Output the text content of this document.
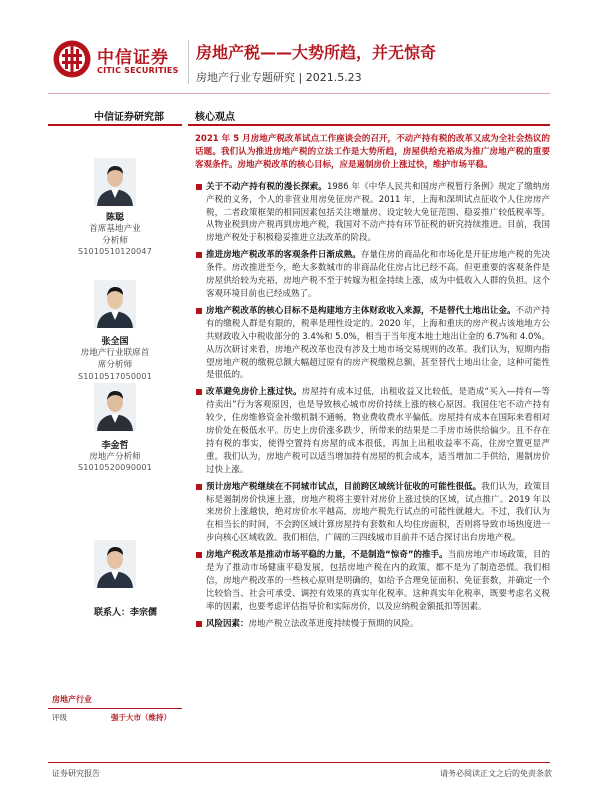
中信证券
CITIC SECURITIES
房地产税——大势所趋，并无惊奇
房地产行业专题研究 | 2021.5.23
中信证券研究部	核心观点
陈聪
首席基地产业
分析师
S1010510120047
张全国
房地产行业联席首
席分析师
S1010517050001
李金哲
房地产分析师
S1010520090001
联系人：李宗儒
房地产行业
评级	强于大市（维持）

2021 年 5 月房地产税改革试点工作座谈会的召开，不动产持有税的改革又成为全社会热议的话题。我们认为推进房地产税的立法工作是大势所趋，房屋供给充裕成为推广房地产税的重要客观条件。房地产税改革的核心目标，应是遏制房价上涨过快，维护市场平稳。

关于不动产持有税的漫长探索。1986 年《中华人民共和国房产税暂行条例》规定了缴纳房产税的义务，个人的非营业用房免征房产税。2011 年，上海和深圳试点征收个人住房房产税，二者政策框架的相同因素包括关注增量房、设定较大免征范围、稳妥推广较低税率等。从物业税到房产税再到房地产税，我国对不动产持有环节征税的研究持续推进。目前，我国房地产税处于积极稳妥推进立法改革的阶段。

推进房地产税改革的客观条件日渐成熟。存量住房的商品化和市场化是开征房地产税的先决条件。房改推进至今，绝大多数城市的非商品化住房占比已经不高。但更重要的客观条件是房屋供给较为充裕，房地产税不至于转嫁为租金持续上涨，成为中低收入人群的负担。这个客观环境目前也已经成熟了。

房地产税改革的核心目标不是构建地方主体财政收入来源，不是替代土地出让金。不动产持有的缴税人群是有限的，税率是理性设定的。2020 年，上海和重庆的房产税占该地地方公共财政收入中税收部分的 3.4%和 5.0%，相当于当年度本地土地出让金的 6.7%和 4.0%。从历次研讨来看，房地产税改革也没有涉及土地市场交易规则的改革。我们认为，短期内指望房地产税的缴税总额大幅超过原有的房产税缴税总额，甚至替代土地出让金，这种可能性是很低的。

改革避免房价上涨过快。房屋持有成本过低，出租收益又比较低，是造成“买入—持有—等待卖出”行为客观原因，也是导致核心城市房价持续上涨的核心原因。我国住宅不动产持有较少，住房维修资金补缴机制不通畅，物业费收费水平偏低。房屋持有成本在国际来看相对房价处在极低水平。历史上房价涨多跌少，所带来的结果是二手房市场供给偏少。且不存在持有税的事实，使得空置持有房屋的成本很低，再加上出租收益率不高，住房空置更显严重。我们认为，房地产税可以适当增加持有房屋的机会成本，适当增加二手供给，遏制房价过快上涨。

预计房地产税继续在不同城市试点，目前跨区域统计征收的可能性很低。我们认为，政策目标是遏制房价快速上涨，房地产税将主要针对房价上涨过快的区域，试点推广。2019 年以来房价上涨越快，绝对房价水平越高，房地产税先行试点的可能性就越大。不过，我们认为在相当长的时间，不会跨区域计算房屋持有套数和人均住房面积，否则将导致市场热度进一步向核心区域收敛。我们相信，广阔的三四线城市目前并不适合探讨出台房地产税。

房地产税改革是推动市场平稳的力量，不是制造“惊奇”的推手。当前房地产市场政策，目的是为了推动市场健康平稳发展，包括房地产税在内的政策，都不是为了制造恐慌。我们相信，房地产税改革的一些核心原则是明确的，如给予合理免征面积、免征套数，并确定一个比较恰当、社会可承受、调控有效果的真实年化税率。这种真实年化税率，既要考虑名义税率的因素，也要考虑评估指导价和实际房价，以及应纳税金额抵扣等因素。

风险因素：房地产税立法改革进度持续慢于预期的风险。

证券研究报告	请务必阅读正文之后的免责条款
